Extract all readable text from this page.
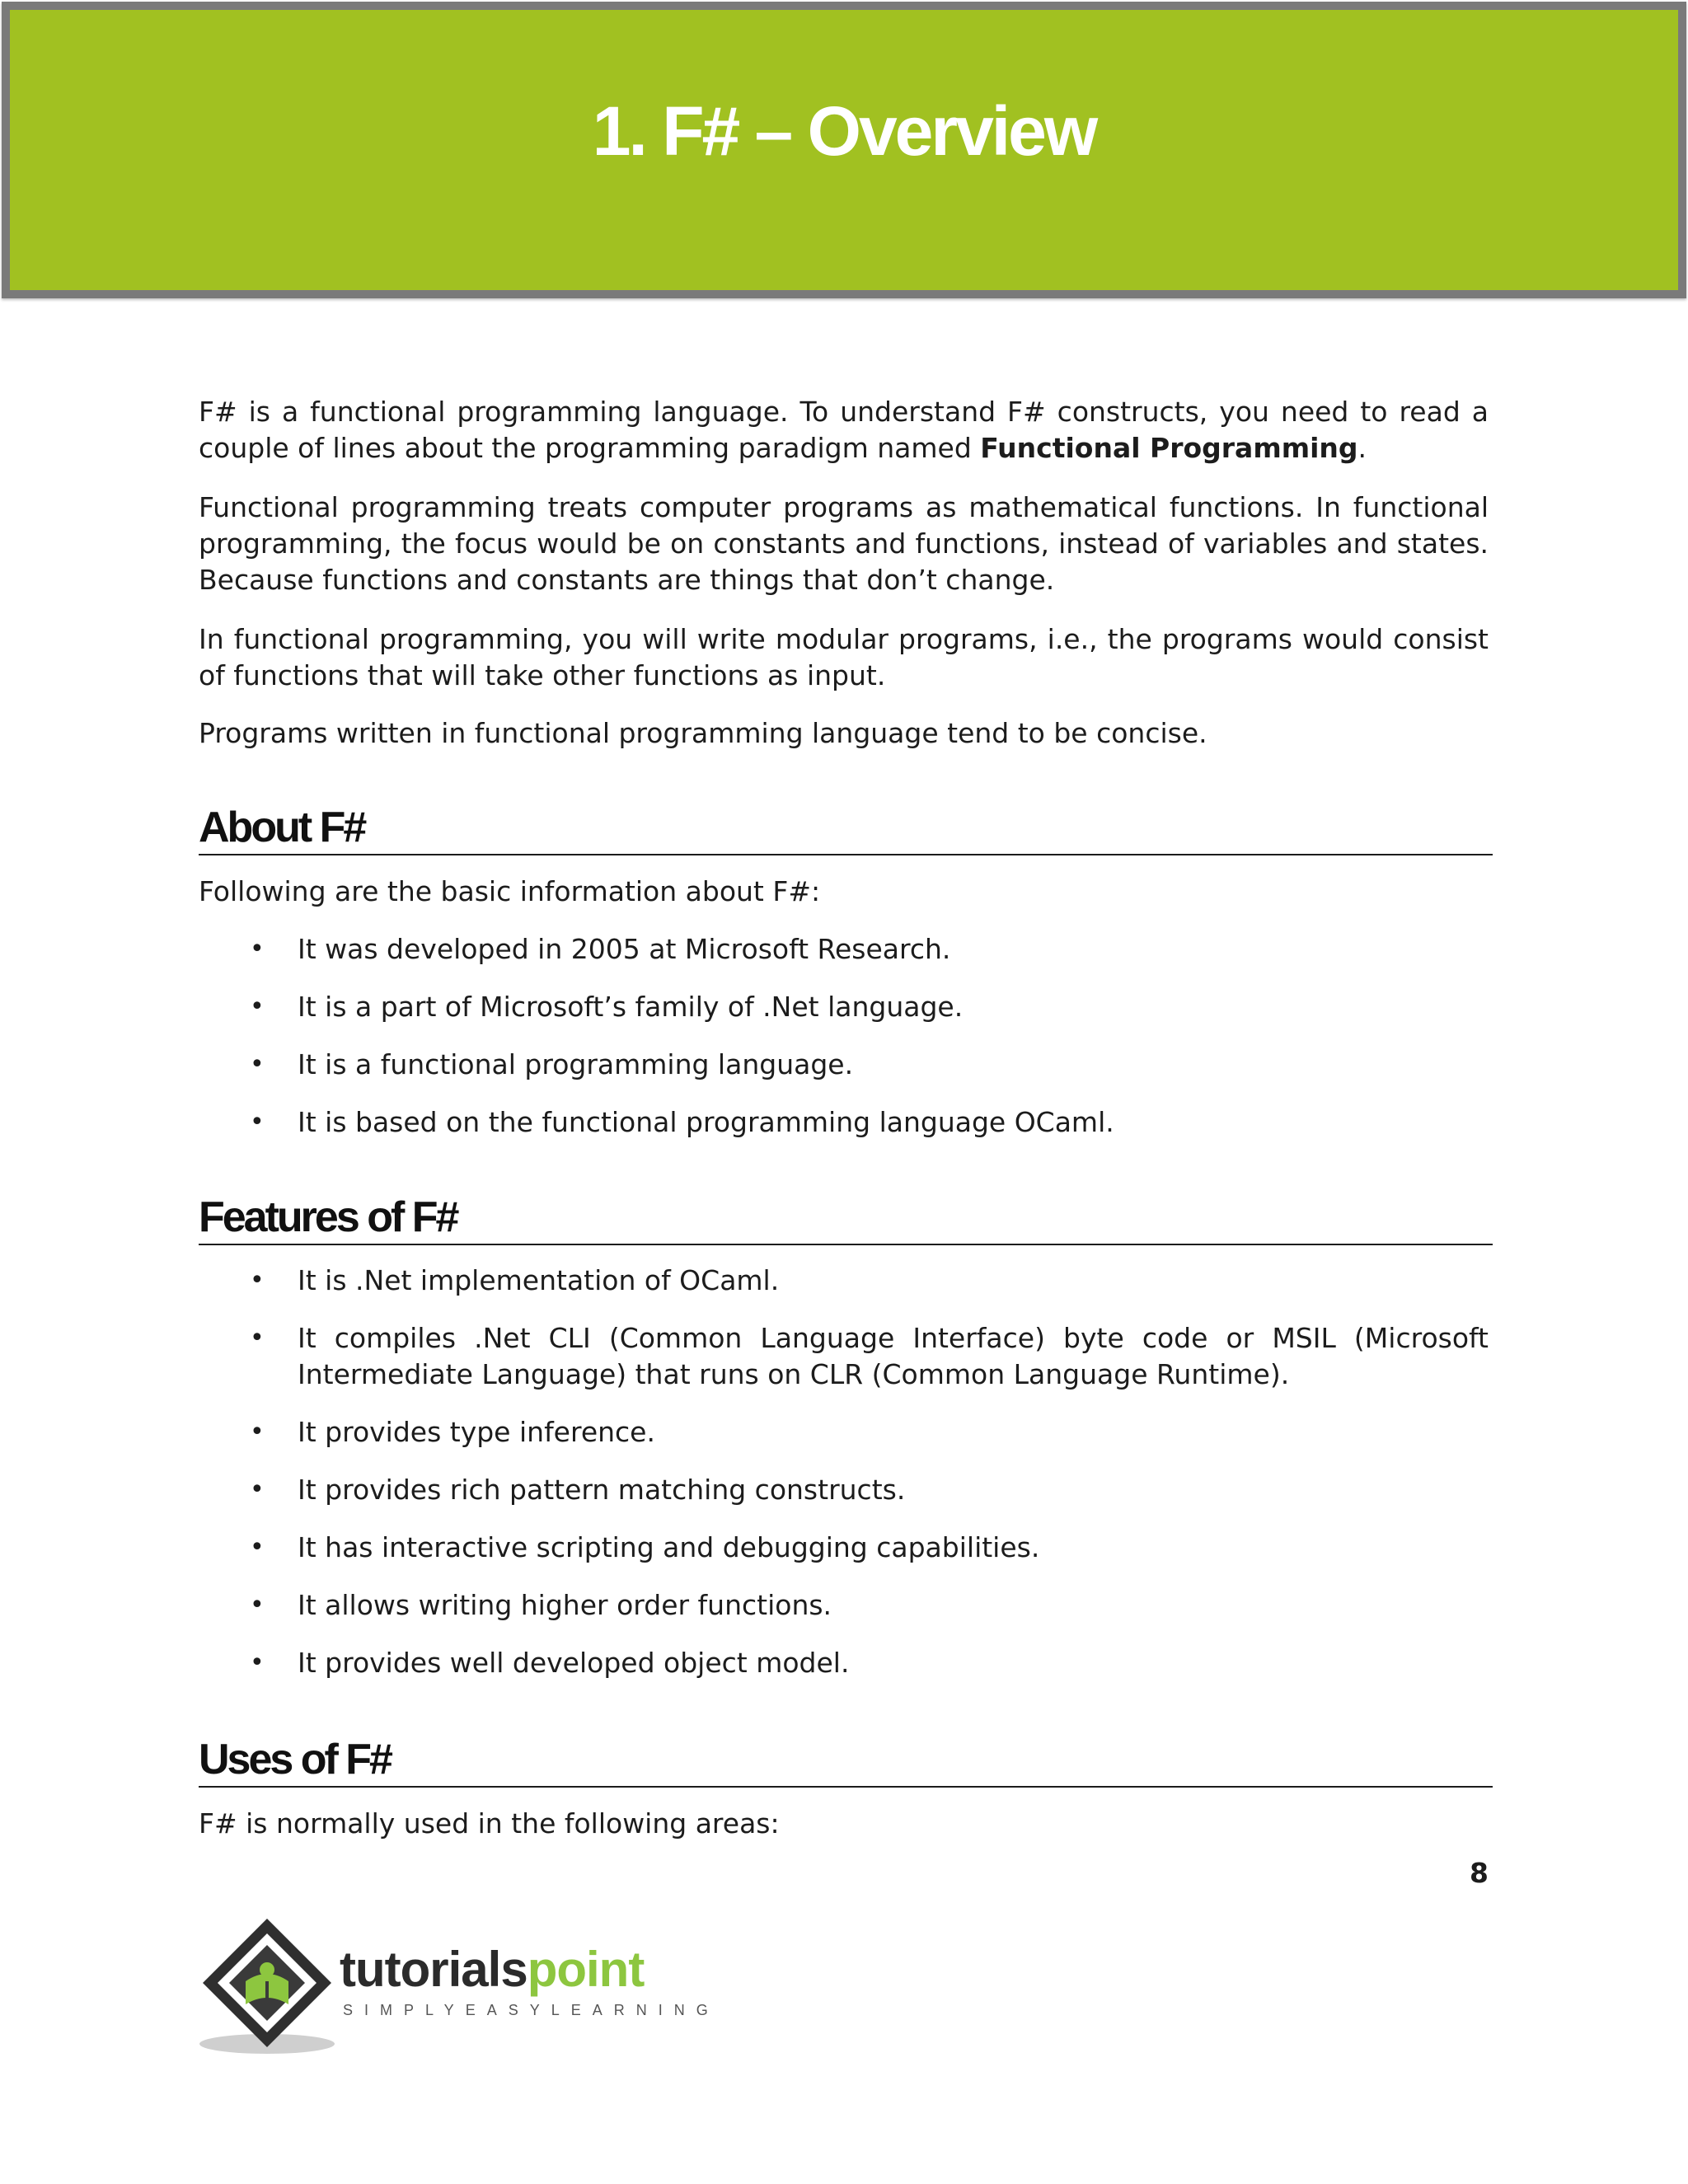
1. F# – Overview

F# is a functional programming language. To understand F# constructs, you need to read a couple of lines about the programming paradigm named Functional Programming.

Functional programming treats computer programs as mathematical functions. In functional programming, the focus would be on constants and functions, instead of variables and states. Because functions and constants are things that don’t change.

In functional programming, you will write modular programs, i.e., the programs would consist of functions that will take other functions as input.

Programs written in functional programming language tend to be concise.

About F#

Following are the basic information about F#:

• It was developed in 2005 at Microsoft Research.
• It is a part of Microsoft’s family of .Net language.
• It is a functional programming language.
• It is based on the functional programming language OCaml.
Features of F#
• It is .Net implementation of OCaml.
• It compiles .Net CLI (Common Language Interface) byte code or MSIL (Microsoft Intermediate Language) that runs on CLR (Common Language Runtime).
• It provides type inference.
• It provides rich pattern matching constructs.
• It has interactive scripting and debugging capabilities.
• It allows writing higher order functions.
• It provides well developed object model.
Uses of F#

F# is normally used in the following areas:

8
tutorialspoint
SIMPLYEASYLEARNING
